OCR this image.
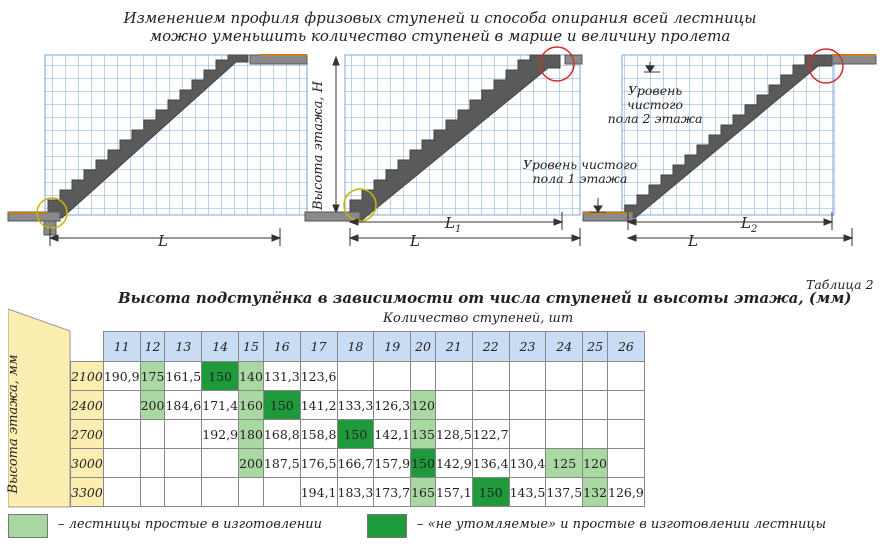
Изменением профиля фризовых ступеней и способа опирания всей лестницы
можно уменьшить количество ступеней в марше и величину пролета
L
$L_1$
L
$L_2$
L
Высота этажа, Н	Уровень чистого
пола 2 этажа
Уровень чистого
пола 1 этажа
Таблица 2
Высота подступёнка в зависимости от числа ступеней и высоты этажа, (мм)
Количество ступеней, шт
Высота этажа, мм
	11	12	13	14	15	16	17	18	19	20	21	22	23	24	25	26
2100	190,9	175	161,5	150	140	131,3	123,6									
2400		200	184,6	171,4	160	150	141,2	133,3	126,3	120						
2700				192,9	180	168,8	158,8	150	142,1	135	128,5	122,7				
3000					200	187,5	176,5	166,7	157,9	150	142,9	136,4	130,4	125	120	
3300							194,1	183,3	173,7	165	157,1	150	143,5	137,5	132	126,9
– лестницы простые в изготовлении	– «не утомляемые» и простые в изготовлении лестницы
